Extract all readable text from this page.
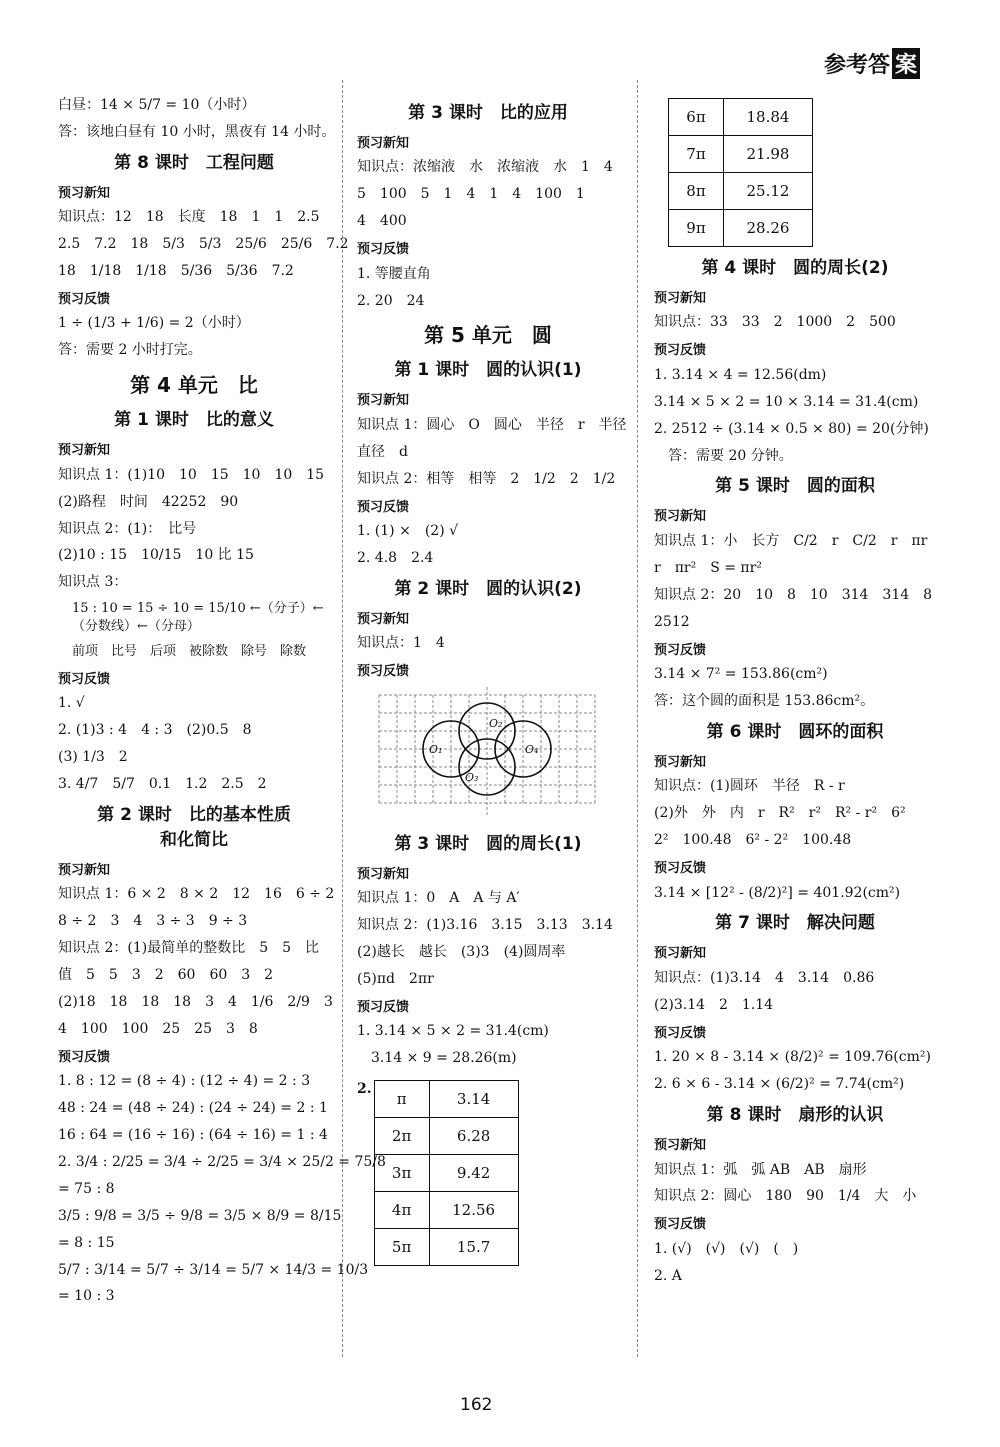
参考答 案
白昼：14 × 5/7 = 10（小时）
答：该地白昼有 10 小时，黑夜有 14 小时。
第 8 课时　工程问题
预习新知
知识点：12　18　长度　18　1　1　2.5
2.5　7.2　18　5/3　5/3　25/6　25/6　7.2
18　1/18　1/18　5/36　5/36　7.2
预习反馈
1 ÷ (1/3 + 1/6) = 2（小时）
答：需要 2 小时打完。
第 4 单元　比
第 1 课时　比的意义
预习新知
知识点 1：(1)10　10　15　10　10　15
(2)路程　时间　42252　90
知识点 2：(1)：　比号
(2)10 : 15　10/15　10 比 15
知识点 3：
15 : 10 = 15 ÷ 10 = 15/10 ←（分子）←（分数线）←（分母）
前项　比号　后项　被除数　除号　除数
预习反馈
1. √
2. (1)3 : 4　4 : 3　(2)0.5　8
(3) 1/3　2
3. 4/7　5/7　0.1　1.2　2.5　2
第 2 课时　比的基本性质
和化简比
预习新知
知识点 1：6 × 2　8 × 2　12　16　6 ÷ 2
8 ÷ 2　3　4　3 ÷ 3　9 ÷ 3
知识点 2：(1)最简单的整数比　5　5　比
值　5　5　3　2　60　60　3　2
(2)18　18　18　18　3　4　1/6　2/9　3
4　100　100　25　25　3　8
预习反馈
1. 8 : 12 = (8 ÷ 4) : (12 ÷ 4) = 2 : 3
48 : 24 = (48 ÷ 24) : (24 ÷ 24) = 2 : 1
16 : 64 = (16 ÷ 16) : (64 ÷ 16) = 1 : 4
2. 3/4 : 2/25 = 3/4 ÷ 2/25 = 3/4 × 25/2 = 75/8
= 75 : 8
3/5 : 9/8 = 3/5 ÷ 9/8 = 3/5 × 8/9 = 8/15
= 8 : 15
5/7 : 3/14 = 5/7 ÷ 3/14 = 5/7 × 14/3 = 10/3
= 10 : 3
第 3 课时　比的应用
预习新知
知识点：浓缩液　水　浓缩液　水　1　4
5　100　5　1　4　1　4　100　1
4　400
预习反馈
1. 等腰直角
2. 20　24
第 5 单元　圆
第 1 课时　圆的认识(1)
预习新知
知识点 1：圆心　O　圆心　半径　r　半径
直径　d
知识点 2：相等　相等　2　1/2　2　1/2
预习反馈
1. (1) ×　(2) √
2. 4.8　2.4
第 2 课时　圆的认识(2)
预习新知
知识点：1　4
预习反馈
O₁
O₂
O₃
O₄
第 3 课时　圆的周长(1)
预习新知
知识点 1：0　A　A 与 A′
知识点 2：(1)3.16　3.15　3.13　3.14
(2)越长　越长　(3)3　(4)圆周率
(5)πd　2πr
预习反馈
1. 3.14 × 5 × 2 = 31.4(cm)
3.14 × 9 = 28.26(m)
2.
π	3.14
2π	6.28
3π	9.42
4π	12.56
5π	15.7
6π	18.84
7π	21.98
8π	25.12
9π	28.26
第 4 课时　圆的周长(2)
预习新知
知识点：33　33　2　1000　2　500
预习反馈
1. 3.14 × 4 = 12.56(dm)
3.14 × 5 × 2 = 10 × 3.14 = 31.4(cm)
2. 2512 ÷ (3.14 × 0.5 × 80) = 20(分钟)
答：需要 20 分钟。
第 5 课时　圆的面积
预习新知
知识点 1：小　长方　C/2　r　C/2　r　πr
r　πr²　S = πr²
知识点 2：20　10　8　10　314　314　8
2512
预习反馈
3.14 × 7² = 153.86(cm²)
答：这个圆的面积是 153.86cm²。
第 6 课时　圆环的面积
预习新知
知识点：(1)圆环　半径　R - r
(2)外　外　内　r　R²　r²　R² - r²　6²
2²　100.48　6² - 2²　100.48
预习反馈
3.14 × [12² - (8/2)²] = 401.92(cm²)
第 7 课时　解决问题
预习新知
知识点：(1)3.14　4　3.14　0.86
(2)3.14　2　1.14
预习反馈
1. 20 × 8 - 3.14 × (8/2)² = 109.76(cm²)
2. 6 × 6 - 3.14 × (6/2)² = 7.74(cm²)
第 8 课时　扇形的认识
预习新知
知识点 1：弧　弧 AB　AB　扇形
知识点 2：圆心　180　90　1/4　大　小
预习反馈
1. (√)　(√)　(√)　(　)
2. A
162
